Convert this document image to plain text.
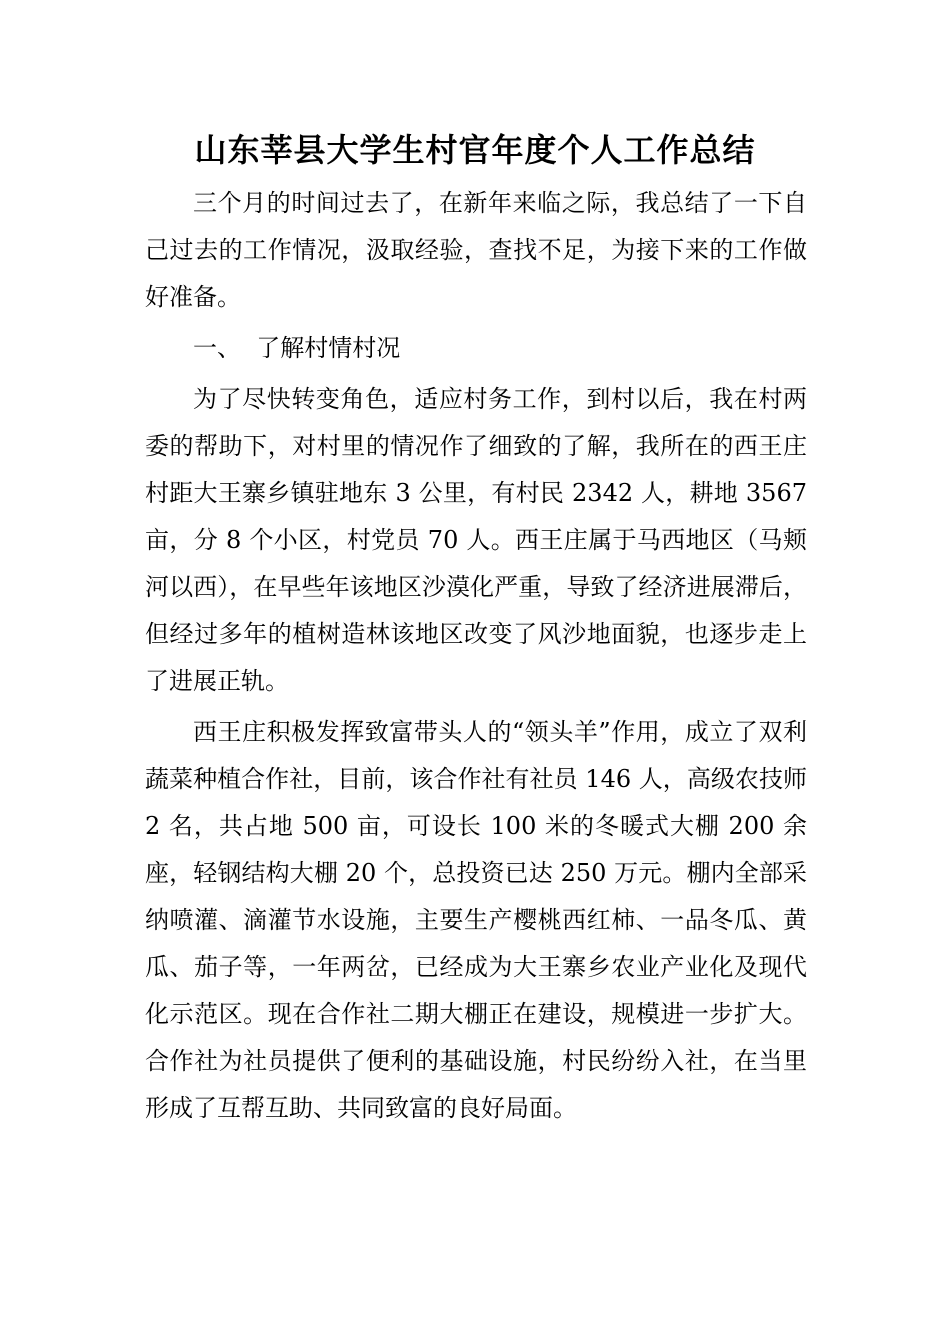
山东莘县大学生村官年度个人工作总结

三个月的时间过去了，在新年来临之际，我总结了一下自己过去的工作情况，汲取经验，查找不足，为接下来的工作做好准备。

一、  了解村情村况

为了尽快转变角色，适应村务工作，到村以后，我在村两委的帮助下，对村里的情况作了细致的了解，我所在的西王庄村距大王寨乡镇驻地东 3 公里，有村民 2342 人，耕地 3567 亩，分 8 个小区，村党员 70 人。西王庄属于马西地区（马颊河以西），在早些年该地区沙漠化严重，导致了经济进展滞后，但经过多年的植树造林该地区改变了风沙地面貌，也逐步走上了进展正轨。

西王庄积极发挥致富带头人的“领头羊”作用，成立了双利蔬菜种植合作社，目前，该合作社有社员 146 人，高级农技师 2 名，共占地 500 亩，可设长 100 米的冬暖式大棚 200 余座，轻钢结构大棚 20 个，总投资已达 250 万元。棚内全部采纳喷灌、滴灌节水设施，主要生产樱桃西红柿、一品冬瓜、黄瓜、茄子等，一年两岔，已经成为大王寨乡农业产业化及现代化示范区。现在合作社二期大棚正在建设，规模进一步扩大。合作社为社员提供了便利的基础设施，村民纷纷入社，在当里形成了互帮互助、共同致富的良好局面。
